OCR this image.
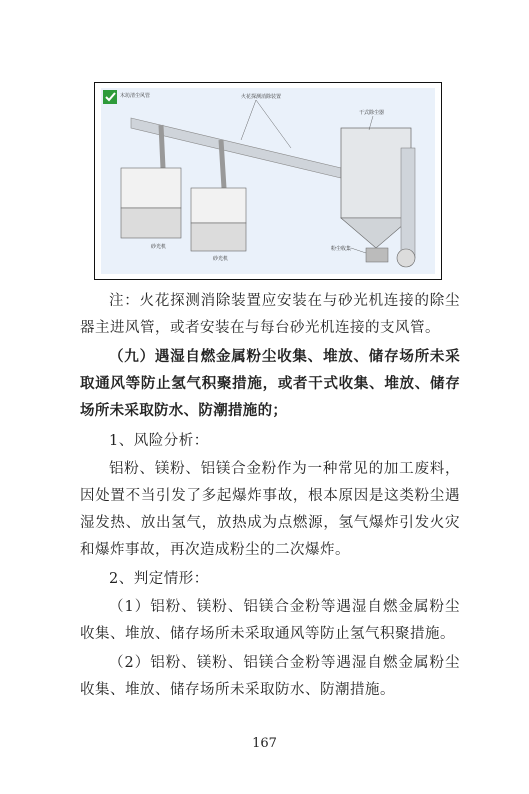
木坊清尘风管	火花探测消除装置
干式除尘器
砂光机
砂光机
粉尘收集
注：火花探测消除装置应安装在与砂光机连接的除尘器主进风管，或者安装在与每台砂光机连接的支风管。
（九）遇湿自燃金属粉尘收集、堆放、储存场所未采取通风等防止氢气积聚措施，或者干式收集、堆放、储存场所未采取防水、防潮措施的；
1、风险分析：
铝粉、镁粉、铝镁合金粉作为一种常见的加工废料，因处置不当引发了多起爆炸事故，根本原因是这类粉尘遇湿发热、放出氢气，放热成为点燃源，氢气爆炸引发火灾和爆炸事故，再次造成粉尘的二次爆炸。
2、判定情形：
（1）铝粉、镁粉、铝镁合金粉等遇湿自燃金属粉尘收集、堆放、储存场所未采取通风等防止氢气积聚措施。
（2）铝粉、镁粉、铝镁合金粉等遇湿自燃金属粉尘收集、堆放、储存场所未采取防水、防潮措施。
167
